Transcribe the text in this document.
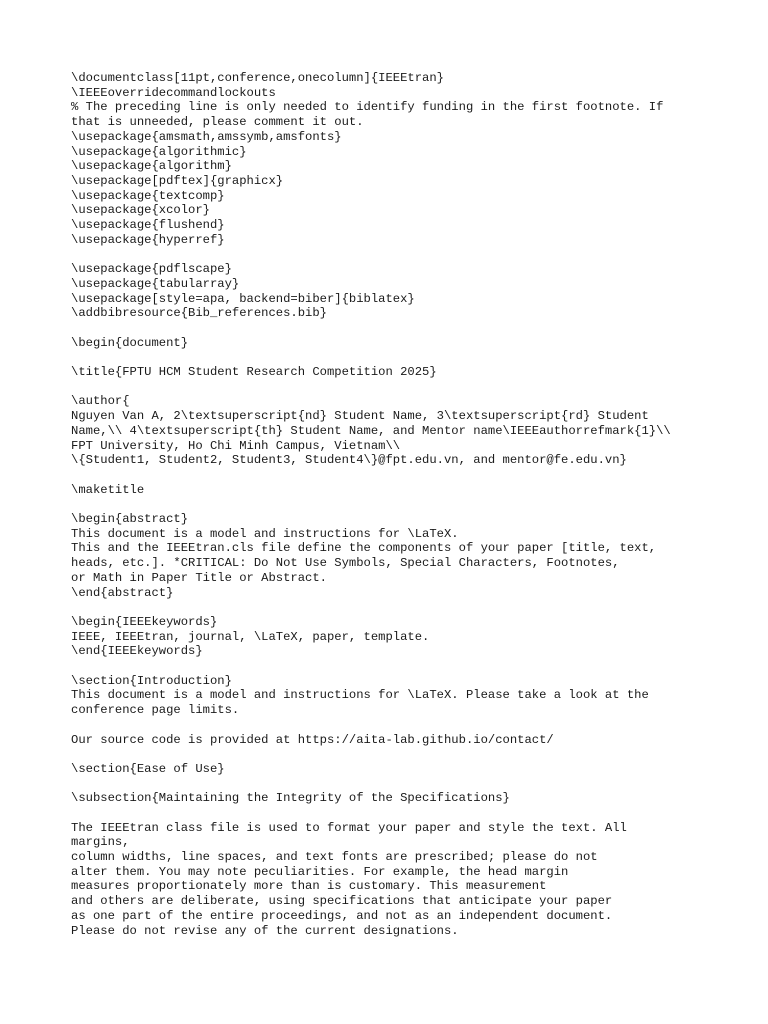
\documentclass[11pt,conference,onecolumn]{IEEEtran}
\IEEEoverridecommandlockouts
% The preceding line is only needed to identify funding in the first footnote. If
that is unneeded, please comment it out.
\usepackage{amsmath,amssymb,amsfonts}
\usepackage{algorithmic}
\usepackage{algorithm}
\usepackage[pdftex]{graphicx}
\usepackage{textcomp}
\usepackage{xcolor}
\usepackage{flushend}
\usepackage{hyperref}
\usepackage{pdflscape}
\usepackage{tabularray}
\usepackage[style=apa, backend=biber]{biblatex}
\addbibresource{Bib_references.bib}
\begin{document}
\title{FPTU HCM Student Research Competition 2025}
\author{
Nguyen Van A, 2\textsuperscript{nd} Student Name, 3\textsuperscript{rd} Student
Name,\\ 4\textsuperscript{th} Student Name, and Mentor name\IEEEauthorrefmark{1}\\
FPT University, Ho Chi Minh Campus, Vietnam\\
\{Student1, Student2, Student3, Student4\}@fpt.edu.vn, and mentor@fe.edu.vn}
\maketitle
\begin{abstract}
This document is a model and instructions for \LaTeX.
This and the IEEEtran.cls file define the components of your paper [title, text,
heads, etc.]. *CRITICAL: Do Not Use Symbols, Special Characters, Footnotes,
or Math in Paper Title or Abstract.
\end{abstract}
\begin{IEEEkeywords}
IEEE, IEEEtran, journal, \LaTeX, paper, template.
\end{IEEEkeywords}
\section{Introduction}
This document is a model and instructions for \LaTeX. Please take a look at the
conference page limits.
Our source code is provided at https://aita-lab.github.io/contact/
\section{Ease of Use}
\subsection{Maintaining the Integrity of the Specifications}
The IEEEtran class file is used to format your paper and style the text. All
margins,
column widths, line spaces, and text fonts are prescribed; please do not
alter them. You may note peculiarities. For example, the head margin
measures proportionately more than is customary. This measurement
and others are deliberate, using specifications that anticipate your paper
as one part of the entire proceedings, and not as an independent document.
Please do not revise any of the current designations.
